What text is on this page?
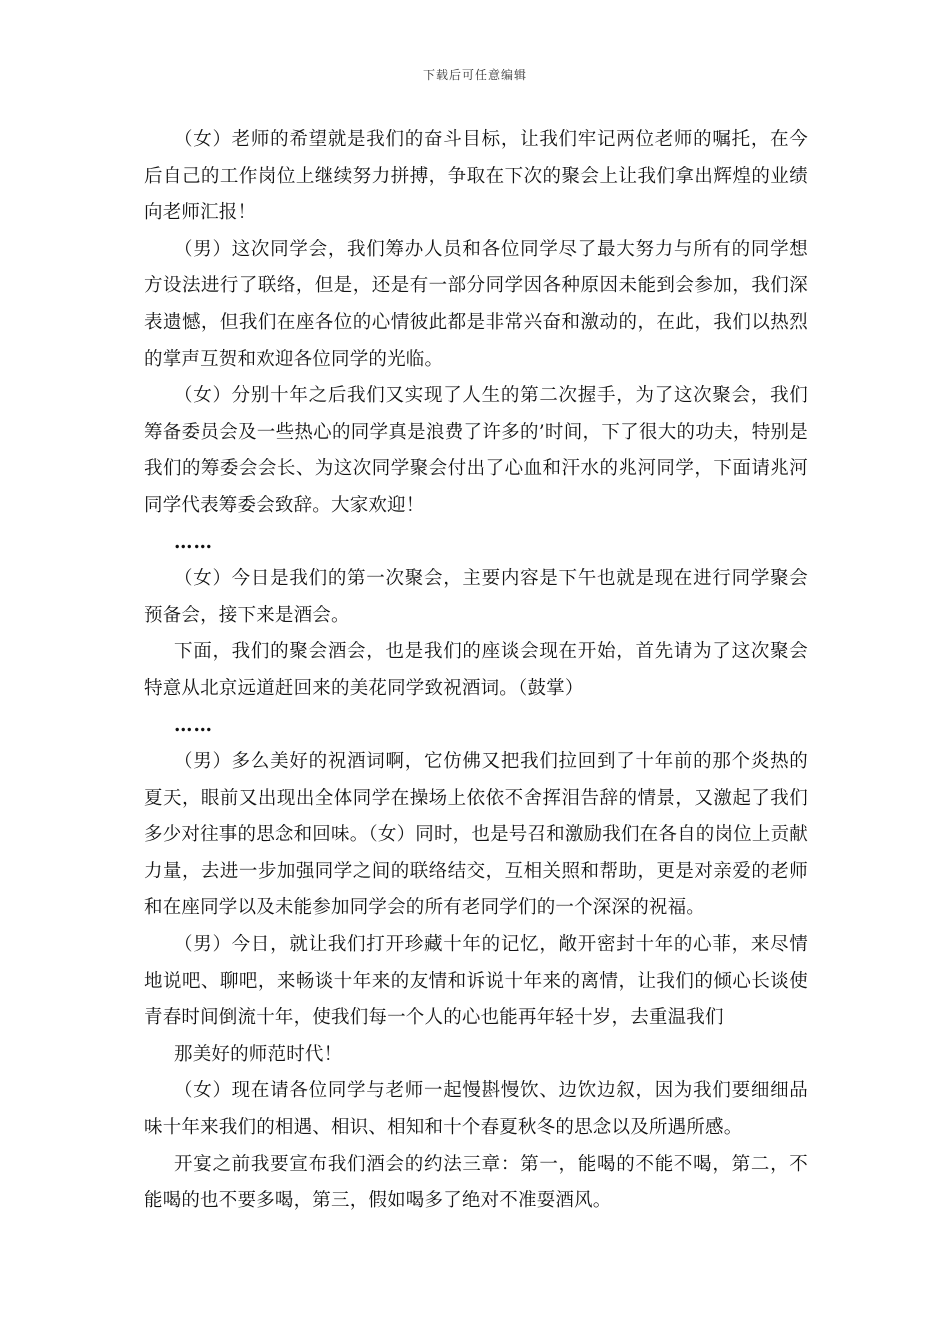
下载后可任意编辑

（女）老师的希望就是我们的奋斗目标，让我们牢记两位老师的嘱托，在今后自己的工作岗位上继续努力拼搏，争取在下次的聚会上让我们拿出辉煌的业绩向老师汇报！

（男）这次同学会，我们筹办人员和各位同学尽了最大努力与所有的同学想方设法进行了联络，但是，还是有一部分同学因各种原因未能到会参加，我们深表遗憾，但我们在座各位的心情彼此都是非常兴奋和激动的，在此，我们以热烈的掌声互贺和欢迎各位同学的光临。

（女）分别十年之后我们又实现了人生的第二次握手，为了这次聚会，我们筹备委员会及一些热心的同学真是浪费了许多的’时间，下了很大的功夫，特别是我们的筹委会会长、为这次同学聚会付出了心血和汗水的兆河同学，下面请兆河同学代表筹委会致辞。大家欢迎！

……

（女）今日是我们的第一次聚会，主要内容是下午也就是现在进行同学聚会预备会，接下来是酒会。

下面，我们的聚会酒会，也是我们的座谈会现在开始，首先请为了这次聚会特意从北京远道赶回来的美花同学致祝酒词。（鼓掌）

……

（男）多么美好的祝酒词啊，它仿佛又把我们拉回到了十年前的那个炎热的夏天，眼前又出现出全体同学在操场上依依不舍挥泪告辞的情景，又激起了我们多少对往事的思念和回味。（女）同时，也是号召和激励我们在各自的岗位上贡献力量，去进一步加强同学之间的联络结交，互相关照和帮助，更是对亲爱的老师和在座同学以及未能参加同学会的所有老同学们的一个深深的祝福。

（男）今日，就让我们打开珍藏十年的记忆，敞开密封十年的心菲，来尽情地说吧、聊吧，来畅谈十年来的友情和诉说十年来的离情，让我们的倾心长谈使青春时间倒流十年，使我们每一个人的心也能再年轻十岁，去重温我们

那美好的师范时代！

（女）现在请各位同学与老师一起慢斟慢饮、边饮边叙，因为我们要细细品味十年来我们的相遇、相识、相知和十个春夏秋冬的思念以及所遇所感。

开宴之前我要宣布我们酒会的约法三章：第一，能喝的不能不喝，第二，不能喝的也不要多喝，第三，假如喝多了绝对不准耍酒风。
